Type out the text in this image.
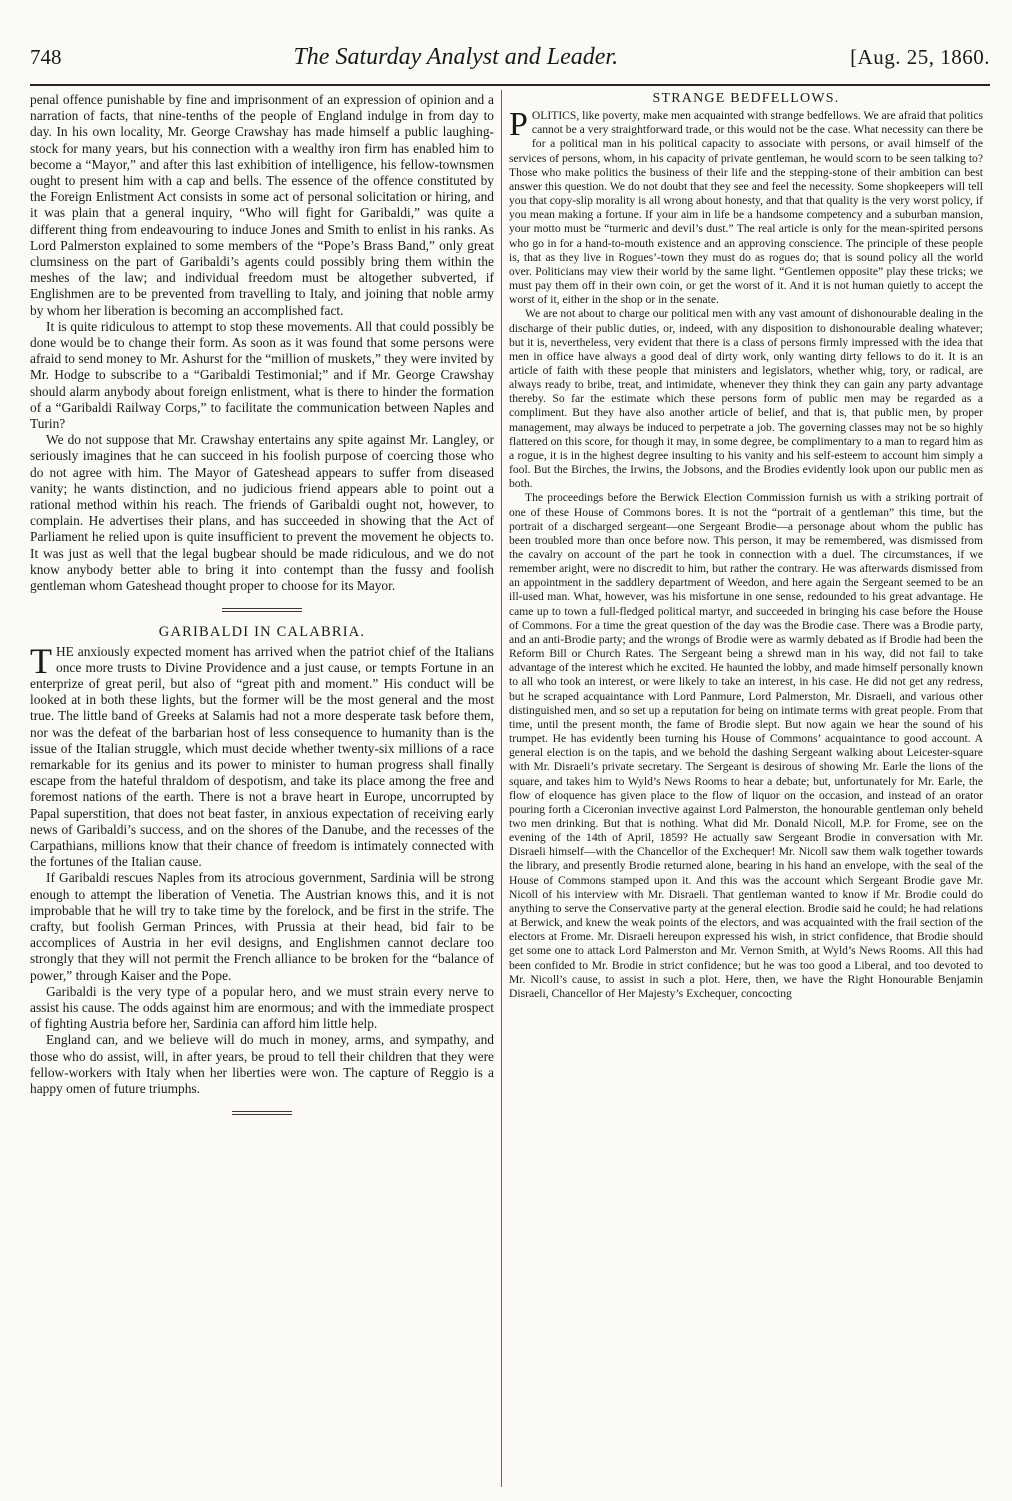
748	The Saturday Analyst and Leader.	[Aug. 25, 1860.

penal offence punishable by fine and imprisonment of an expression of opinion and a narration of facts, that nine-tenths of the people of England indulge in from day to day. In his own locality, Mr. George Crawshay has made himself a public laughing-stock for many years, but his connection with a wealthy iron firm has enabled him to become a “Mayor,” and after this last exhibition of intelligence, his fellow-townsmen ought to present him with a cap and bells. The essence of the offence constituted by the Foreign Enlistment Act consists in some act of personal solicitation or hiring, and it was plain that a general inquiry, “Who will fight for Garibaldi,” was quite a different thing from endeavouring to induce Jones and Smith to enlist in his ranks. As Lord Palmerston explained to some members of the “Pope’s Brass Band,” only great clumsiness on the part of Garibaldi’s agents could possibly bring them within the meshes of the law; and individual freedom must be altogether subverted, if Englishmen are to be prevented from travelling to Italy, and joining that noble army by whom her liberation is becoming an accomplished fact.

It is quite ridiculous to attempt to stop these movements. All that could possibly be done would be to change their form. As soon as it was found that some persons were afraid to send money to Mr. Ashurst for the “million of muskets,” they were invited by Mr. Hodge to subscribe to a “Garibaldi Testimonial;” and if Mr. George Crawshay should alarm anybody about foreign enlistment, what is there to hinder the formation of a “Garibaldi Railway Corps,” to facilitate the communication between Naples and Turin?

We do not suppose that Mr. Crawshay entertains any spite against Mr. Langley, or seriously imagines that he can succeed in his foolish purpose of coercing those who do not agree with him. The Mayor of Gateshead appears to suffer from diseased vanity; he wants distinction, and no judicious friend appears able to point out a rational method within his reach. The friends of Garibaldi ought not, however, to complain. He advertises their plans, and has succeeded in showing that the Act of Parliament he relied upon is quite insufficient to prevent the movement he objects to. It was just as well that the legal bugbear should be made ridiculous, and we do not know anybody better able to bring it into contempt than the fussy and foolish gentleman whom Gateshead thought proper to choose for its Mayor.

GARIBALDI IN CALABRIA.

THE anxiously expected moment has arrived when the patriot chief of the Italians once more trusts to Divine Providence and a just cause, or tempts Fortune in an enterprize of great peril, but also of “great pith and moment.” His conduct will be looked at in both these lights, but the former will be the most general and the most true. The little band of Greeks at Salamis had not a more desperate task before them, nor was the defeat of the barbarian host of less consequence to humanity than is the issue of the Italian struggle, which must decide whether twenty-six millions of a race remarkable for its genius and its power to minister to human progress shall finally escape from the hateful thraldom of despotism, and take its place among the free and foremost nations of the earth. There is not a brave heart in Europe, uncorrupted by Papal superstition, that does not beat faster, in anxious expectation of receiving early news of Garibaldi’s success, and on the shores of the Danube, and the recesses of the Carpathians, millions know that their chance of freedom is intimately connected with the fortunes of the Italian cause.

If Garibaldi rescues Naples from its atrocious government, Sardinia will be strong enough to attempt the liberation of Venetia. The Austrian knows this, and it is not improbable that he will try to take time by the forelock, and be first in the strife. The crafty, but foolish German Princes, with Prussia at their head, bid fair to be accomplices of Austria in her evil designs, and Englishmen cannot declare too strongly that they will not permit the French alliance to be broken for the “balance of power,” through Kaiser and the Pope.

Garibaldi is the very type of a popular hero, and we must strain every nerve to assist his cause. The odds against him are enormous; and with the immediate prospect of fighting Austria before her, Sardinia can afford him little help.

England can, and we believe will do much in money, arms, and sympathy, and those who do assist, will, in after years, be proud to tell their children that they were fellow-workers with Italy when her liberties were won. The capture of Reggio is a happy omen of future triumphs.

STRANGE BEDFELLOWS.

POLITICS, like poverty, make men acquainted with strange bedfellows. We are afraid that politics cannot be a very straightforward trade, or this would not be the case. What necessity can there be for a political man in his political capacity to associate with persons, or avail himself of the services of persons, whom, in his capacity of private gentleman, he would scorn to be seen talking to? Those who make politics the business of their life and the stepping-stone of their ambition can best answer this question. We do not doubt that they see and feel the necessity. Some shopkeepers will tell you that copy-slip morality is all wrong about honesty, and that that quality is the very worst policy, if you mean making a fortune. If your aim in life be a handsome competency and a suburban mansion, your motto must be “turmeric and devil’s dust.” The real article is only for the mean-spirited persons who go in for a hand-to-mouth existence and an approving conscience. The principle of these people is, that as they live in Rogues’-town they must do as rogues do; that is sound policy all the world over. Politicians may view their world by the same light. “Gentlemen opposite” play these tricks; we must pay them off in their own coin, or get the worst of it. And it is not human quietly to accept the worst of it, either in the shop or in the senate.

We are not about to charge our political men with any vast amount of dishonourable dealing in the discharge of their public duties, or, indeed, with any disposition to dishonourable dealing whatever; but it is, nevertheless, very evident that there is a class of persons firmly impressed with the idea that men in office have always a good deal of dirty work, only wanting dirty fellows to do it. It is an article of faith with these people that ministers and legislators, whether whig, tory, or radical, are always ready to bribe, treat, and intimidate, whenever they think they can gain any party advantage thereby. So far the estimate which these persons form of public men may be regarded as a compliment. But they have also another article of belief, and that is, that public men, by proper management, may always be induced to perpetrate a job. The governing classes may not be so highly flattered on this score, for though it may, in some degree, be complimentary to a man to regard him as a rogue, it is in the highest degree insulting to his vanity and his self-esteem to account him simply a fool. But the Birches, the Irwins, the Jobsons, and the Brodies evidently look upon our public men as both.

The proceedings before the Berwick Election Commission furnish us with a striking portrait of one of these House of Commons bores. It is not the “portrait of a gentleman” this time, but the portrait of a discharged sergeant—one Sergeant Brodie—a personage about whom the public has been troubled more than once before now. This person, it may be remembered, was dismissed from the cavalry on account of the part he took in connection with a duel. The circumstances, if we remember aright, were no discredit to him, but rather the contrary. He was afterwards dismissed from an appointment in the saddlery department of Weedon, and here again the Sergeant seemed to be an ill-used man. What, however, was his misfortune in one sense, redounded to his great advantage. He came up to town a full-fledged political martyr, and succeeded in bringing his case before the House of Commons. For a time the great question of the day was the Brodie case. There was a Brodie party, and an anti-Brodie party; and the wrongs of Brodie were as warmly debated as if Brodie had been the Reform Bill or Church Rates. The Sergeant being a shrewd man in his way, did not fail to take advantage of the interest which he excited. He haunted the lobby, and made himself personally known to all who took an interest, or were likely to take an interest, in his case. He did not get any redress, but he scraped acquaintance with Lord Panmure, Lord Palmerston, Mr. Disraeli, and various other distinguished men, and so set up a reputation for being on intimate terms with great people. From that time, until the present month, the fame of Brodie slept. But now again we hear the sound of his trumpet. He has evidently been turning his House of Commons’ acquaintance to good account. A general election is on the tapis, and we behold the dashing Sergeant walking about Leicester-square with Mr. Disraeli’s private secretary. The Sergeant is desirous of showing Mr. Earle the lions of the square, and takes him to Wyld’s News Rooms to hear a debate; but, unfortunately for Mr. Earle, the flow of eloquence has given place to the flow of liquor on the occasion, and instead of an orator pouring forth a Ciceronian invective against Lord Palmerston, the honourable gentleman only beheld two men drinking. But that is nothing. What did Mr. Donald Nicoll, M.P. for Frome, see on the evening of the 14th of April, 1859? He actually saw Sergeant Brodie in conversation with Mr. Disraeli himself—with the Chancellor of the Exchequer! Mr. Nicoll saw them walk together towards the library, and presently Brodie returned alone, bearing in his hand an envelope, with the seal of the House of Commons stamped upon it. And this was the account which Sergeant Brodie gave Mr. Nicoll of his interview with Mr. Disraeli. That gentleman wanted to know if Mr. Brodie could do anything to serve the Conservative party at the general election. Brodie said he could; he had relations at Berwick, and knew the weak points of the electors, and was acquainted with the frail section of the electors at Frome. Mr. Disraeli hereupon expressed his wish, in strict confidence, that Brodie should get some one to attack Lord Palmerston and Mr. Vernon Smith, at Wyld’s News Rooms. All this had been confided to Mr. Brodie in strict confidence; but he was too good a Liberal, and too devoted to Mr. Nicoll’s cause, to assist in such a plot. Here, then, we have the Right Honourable Benjamin Disraeli, Chancellor of Her Majesty’s Exchequer, concocting
